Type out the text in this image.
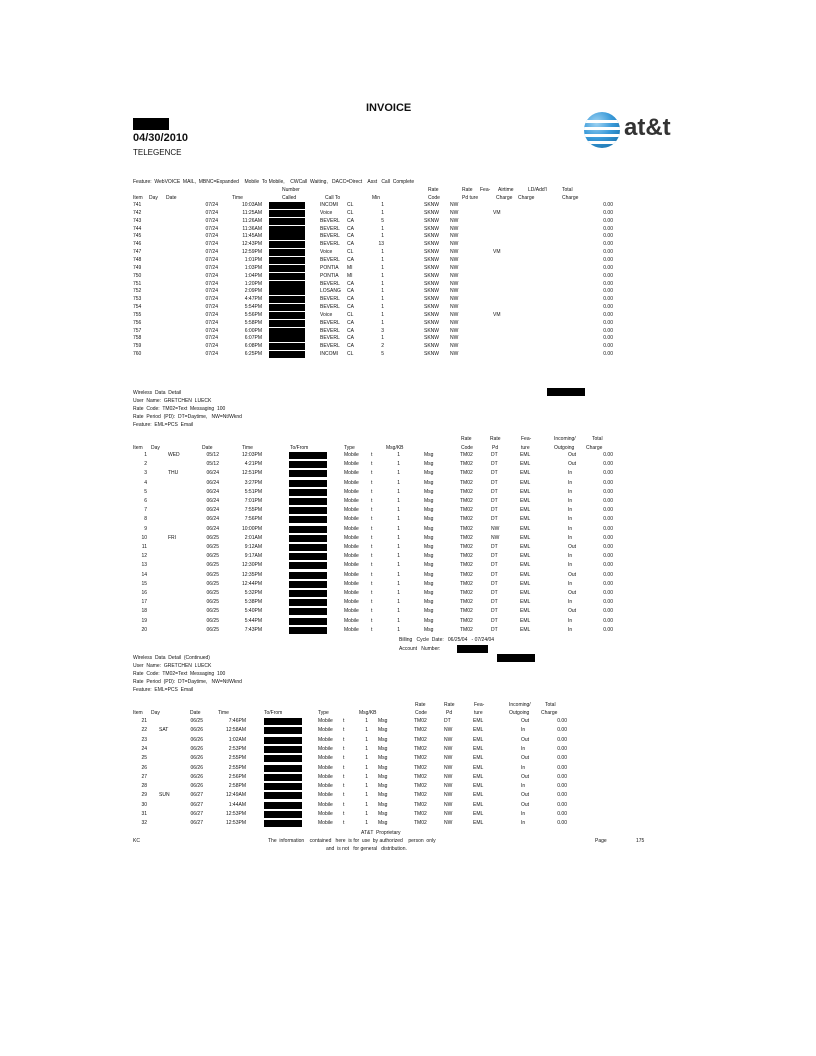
INVOICE
04/30/2010
TELEGENCE
at&t
Feature:  WebVOICE  MAIL,  MBNC=Expanded    Mobile  To Mobile,    CWCall  Waiting,   DACC=Direct    Asst   Call  Complete
Number	Rate	Rate Fea- Airtime	LD/Add'l	Total
Item Day Date	Time	Called	Call To	Min	Code	Pd ture	Charge Charge	Charge
741	07/24	10:03AM	INCOMI CL	1	SKNW NW	0.00
742	07/24	11:25AM	Voice	CL	1	SKNW NW	VM	0.00
743	07/24	11:26AM	BEVERL CA	5	SKNW NW	0.00
744	07/24	11:36AM	BEVERL CA	1	SKNW NW	0.00
745	07/24	11:45AM	BEVERL CA	1	SKNW NW	0.00
746	07/24	12:43PM	BEVERL CA	13	SKNW NW	0.00
747	07/24	12:59PM	Voice	CL	1	SKNW NW	VM	0.00
748	07/24	1:01PM	BEVERL CA	1	SKNW NW	0.00
749	07/24	1:03PM	PONTIA MI	1	SKNW NW	0.00
750	07/24	1:04PM	PONTIA MI	1	SKNW NW	0.00
751	07/24	1:20PM	BEVERL CA	1	SKNW NW	0.00
752	07/24	2:09PM	LOSANG CA	1	SKNW NW	0.00
753	07/24	4:47PM	BEVERL CA	1	SKNW NW	0.00
754	07/24	5:54PM	BEVERL CA	1	SKNW NW	0.00
755	07/24	5:56PM	Voice	CL	1	SKNW NW	VM	0.00
756	07/24	5:58PM	BEVERL CA	1	SKNW NW	0.00
757	07/24	6:00PM	BEVERL CA	3	SKNW NW	0.00
758	07/24	6:07PM	BEVERL CA	1	SKNW NW	0.00
759	07/24	6:08PM	BEVERL CA	2	SKNW NW	0.00
760	07/24	6:25PM	INCOMI CL	5	SKNW NW	0.00
Wireless  Data  Detail
User  Name:  GRETCHEN  LUECK
Rate  Code:  TM02=Text  Messaging  100
Rate  Period  (PD):  DT=Daytime,   NW=Nt/Wknd
Feature:  EML=PCS  Email
Rate	Rate	Fea-	Incoming/	Total
Item Day	Date	Time	To/From	Type	Msg/KB	Code	Pd	ture	Outgoing Charge
1	WED	05/12	12:03PM	Mobile t	1	Msg	TM02	DT	EML	Out	0.00
2	05/12	4:21PM	Mobile t	1	Msg	TM02	DT	EML	Out	0.00
3	THU	06/24	12:51PM	Mobile t	1	Msg	TM02	DT	EML	In	0.00
4	06/24	3:27PM	Mobile t	1	Msg	TM02	DT	EML	In	0.00
5	06/24	5:51PM	Mobile t	1	Msg	TM02	DT	EML	In	0.00
6	06/24	7:01PM	Mobile t	1	Msg	TM02	DT	EML	In	0.00
7	06/24	7:55PM	Mobile t	1	Msg	TM02	DT	EML	In	0.00
8	06/24	7:56PM	Mobile t	1	Msg	TM02	DT	EML	In	0.00
9	06/24	10:00PM	Mobile t	1	Msg	TM02	NW	EML	In	0.00
10	FRI	06/25	2:01AM	Mobile t	1	Msg	TM02	NW	EML	In	0.00
11	06/25	9:12AM	Mobile t	1	Msg	TM02	DT	EML	Out	0.00
12	06/25	9:17AM	Mobile t	1	Msg	TM02	DT	EML	In	0.00
13	06/25	12:30PM	Mobile t	1	Msg	TM02	DT	EML	In	0.00
14	06/25	12:35PM	Mobile t	1	Msg	TM02	DT	EML	Out	0.00
15	06/25	12:44PM	Mobile t	1	Msg	TM02	DT	EML	In	0.00
16	06/25	5:32PM	Mobile t	1	Msg	TM02	DT	EML	Out	0.00
17	06/25	5:38PM	Mobile t	1	Msg	TM02	DT	EML	In	0.00
18	06/25	5:40PM	Mobile t	1	Msg	TM02	DT	EML	Out	0.00
19	06/25	5:44PM	Mobile t	1	Msg	TM02	DT	EML	In	0.00
20	06/25	7:43PM	Mobile t	1	Msg	TM02	DT	EML	In	0.00
Billing   Cycle  Date:   06/25/04   - 07/24/04
Account   Number:
Wireless  Data  Detail  (Continued)
User  Name:  GRETCHEN  LUECK
Rate  Code:  TM02=Text  Messaging  100
Rate  Period  (PD):  DT=Daytime,   NW=Nt/Wknd
Feature:  EML=PCS  Email
Rate	Rate	Fea-	Incoming/	Total
Item Day	Date	Time	To/From	Type	Msg/KB	Code	Pd	ture	Outgoing Charge
21	06/25	7:46PM	Mobile t	1 Msg	TM02	DT	EML	Out	0.00
22 SAT	06/26	12:58AM	Mobile t	1 Msg	TM02	NW	EML	In	0.00
23	06/26	1:02AM	Mobile t	1 Msg	TM02	NW	EML	Out	0.00
24	06/26	2:53PM	Mobile t	1 Msg	TM02	NW	EML	In	0.00
25	06/26	2:55PM	Mobile t	1 Msg	TM02	NW	EML	Out	0.00
26	06/26	2:55PM	Mobile t	1 Msg	TM02	NW	EML	In	0.00
27	06/26	2:56PM	Mobile t	1 Msg	TM02	NW	EML	Out	0.00
28	06/26	2:58PM	Mobile t	1 Msg	TM02	NW	EML	In	0.00
29 SUN	06/27	12:49AM	Mobile t	1 Msg	TM02	NW	EML	Out	0.00
30	06/27	1:44AM	Mobile t	1 Msg	TM02	NW	EML	Out	0.00
31	06/27	12:53PM	Mobile t	1 Msg	TM02	NW	EML	In	0.00
32	06/27	12:53PM	Mobile t	1 Msg	TM02	NW	EML	In	0.00
AT&T  Proprietary
KC	The  information    contained   here  is for  use  by authorized    person  only	Page	175
and  is not   for general   distribution.
